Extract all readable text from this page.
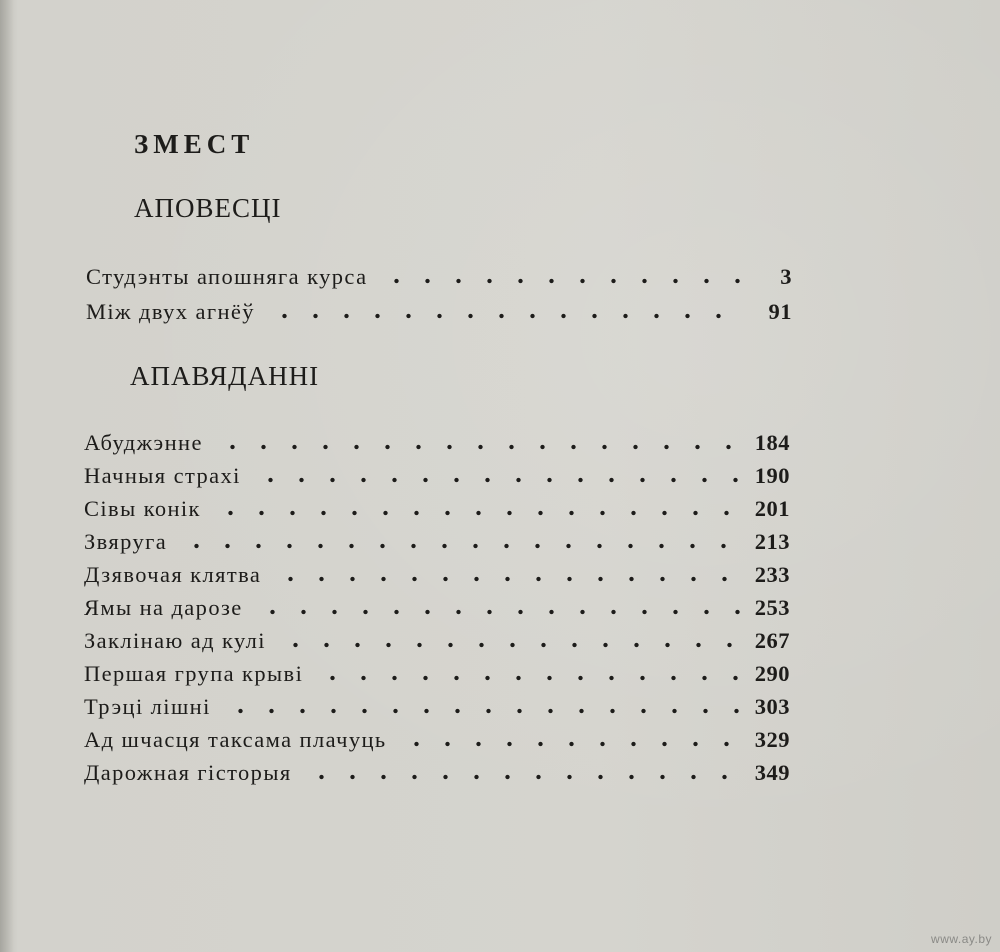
ЗМЕСТ
АПОВЕСЦІ
Студэнты апошняга курса	3
Між двух агнёў	91
АПАВЯДАННІ
Абуджэнне	184
Начныя страхі	190
Сівы конік	201
Звяруга	213
Дзявочая клятва	233
Ямы на дарозе	253
Заклінаю ад кулі	267
Першая група крыві	290
Трэці лішні	303
Ад шчасця таксама плачуць	329
Дарожная гісторыя	349
www.ay.by
